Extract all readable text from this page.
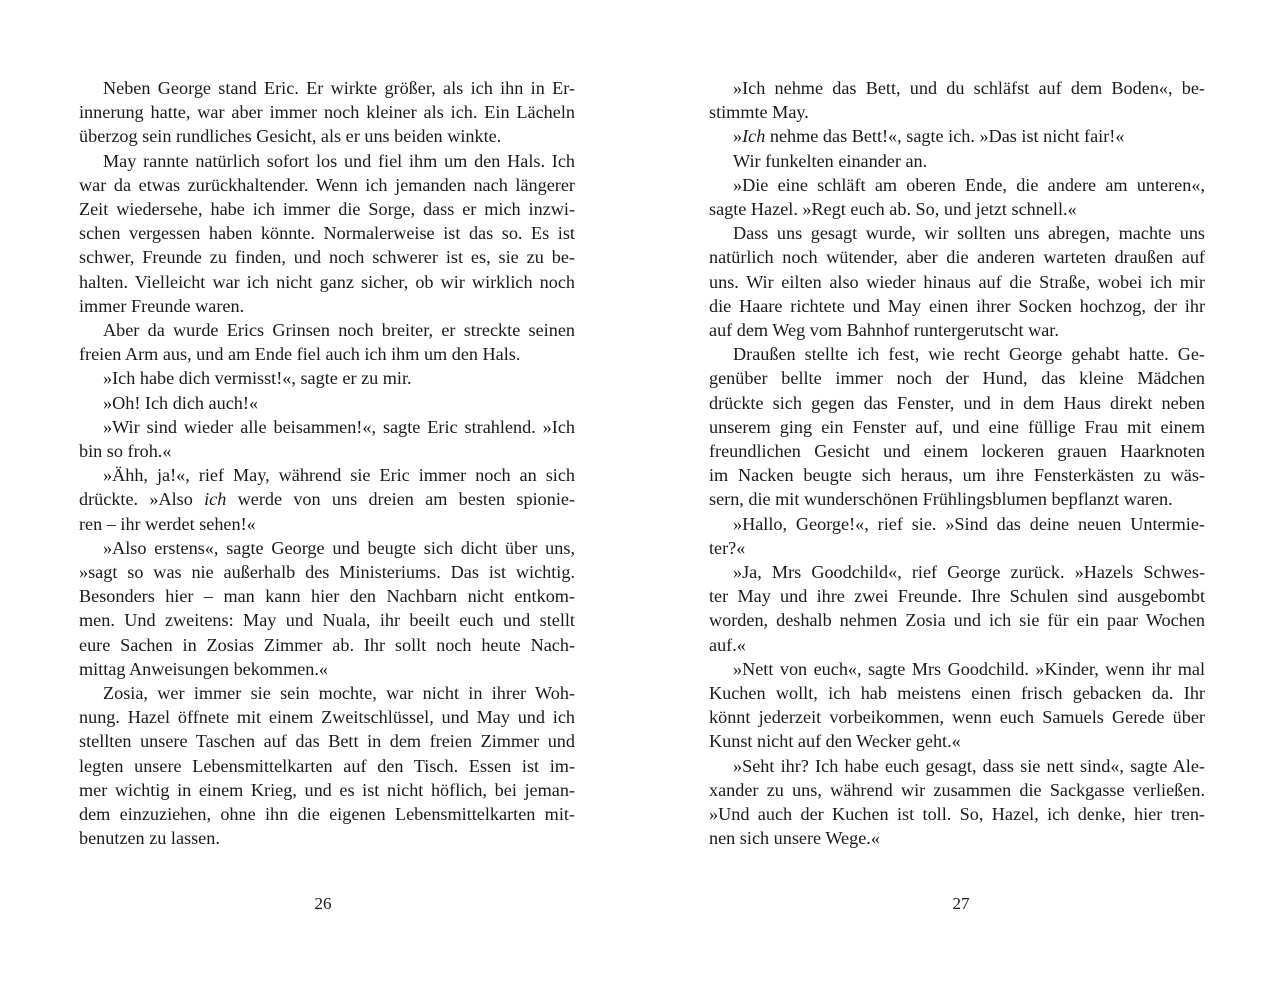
Neben George stand Eric. Er wirkte größer, als ich ihn in Er-
innerung hatte, war aber immer noch kleiner als ich. Ein Lächeln
überzog sein rundliches Gesicht, als er uns beiden winkte.
May rannte natürlich sofort los und fiel ihm um den Hals. Ich
war da etwas zurückhaltender. Wenn ich jemanden nach längerer
Zeit wiedersehe, habe ich immer die Sorge, dass er mich inzwi-
schen vergessen haben könnte. Normalerweise ist das so. Es ist
schwer, Freunde zu finden, und noch schwerer ist es, sie zu be-
halten. Vielleicht war ich nicht ganz sicher, ob wir wirklich noch
immer Freunde waren.
Aber da wurde Erics Grinsen noch breiter, er streckte seinen
freien Arm aus, und am Ende fiel auch ich ihm um den Hals.
»Ich habe dich vermisst!«, sagte er zu mir.
»Oh! Ich dich auch!«
»Wir sind wieder alle beisammen!«, sagte Eric strahlend. »Ich
bin so froh.«
»Ähh, ja!«, rief May, während sie Eric immer noch an sich
drückte. »Also ich werde von uns dreien am besten spionie-
ren – ihr werdet sehen!«
»Also erstens«, sagte George und beugte sich dicht über uns,
»sagt so was nie außerhalb des Ministeriums. Das ist wichtig.
Besonders hier – man kann hier den Nachbarn nicht entkom-
men. Und zweitens: May und Nuala, ihr beeilt euch und stellt
eure Sachen in Zosias Zimmer ab. Ihr sollt noch heute Nach-
mittag Anweisungen bekommen.«
Zosia, wer immer sie sein mochte, war nicht in ihrer Woh-
nung. Hazel öffnete mit einem Zweitschlüssel, und May und ich
stellten unsere Taschen auf das Bett in dem freien Zimmer und
legten unsere Lebensmittelkarten auf den Tisch. Essen ist im-
mer wichtig in einem Krieg, und es ist nicht höflich, bei jeman-
dem einzuziehen, ohne ihn die eigenen Lebensmittelkarten mit-
benutzen zu lassen.
26
»Ich nehme das Bett, und du schläfst auf dem Boden«, be-
stimmte May.
»Ich nehme das Bett!«, sagte ich. »Das ist nicht fair!«
Wir funkelten einander an.
»Die eine schläft am oberen Ende, die andere am unteren«,
sagte Hazel. »Regt euch ab. So, und jetzt schnell.«
Dass uns gesagt wurde, wir sollten uns abregen, machte uns
natürlich noch wütender, aber die anderen warteten draußen auf
uns. Wir eilten also wieder hinaus auf die Straße, wobei ich mir
die Haare richtete und May einen ihrer Socken hochzog, der ihr
auf dem Weg vom Bahnhof runtergerutscht war.
Draußen stellte ich fest, wie recht George gehabt hatte. Ge-
genüber bellte immer noch der Hund, das kleine Mädchen
drückte sich gegen das Fenster, und in dem Haus direkt neben
unserem ging ein Fenster auf, und eine füllige Frau mit einem
freundlichen Gesicht und einem lockeren grauen Haarknoten
im Nacken beugte sich heraus, um ihre Fensterkästen zu wäs-
sern, die mit wunderschönen Frühlingsblumen bepflanzt waren.
»Hallo, George!«, rief sie. »Sind das deine neuen Untermie-
ter?«
»Ja, Mrs Goodchild«, rief George zurück. »Hazels Schwes-
ter May und ihre zwei Freunde. Ihre Schulen sind ausgebombt
worden, deshalb nehmen Zosia und ich sie für ein paar Wochen
auf.«
»Nett von euch«, sagte Mrs Goodchild. »Kinder, wenn ihr mal
Kuchen wollt, ich hab meistens einen frisch gebacken da. Ihr
könnt jederzeit vorbeikommen, wenn euch Samuels Gerede über
Kunst nicht auf den Wecker geht.«
»Seht ihr? Ich habe euch gesagt, dass sie nett sind«, sagte Ale-
xander zu uns, während wir zusammen die Sackgasse verließen.
»Und auch der Kuchen ist toll. So, Hazel, ich denke, hier tren-
nen sich unsere Wege.«
27
